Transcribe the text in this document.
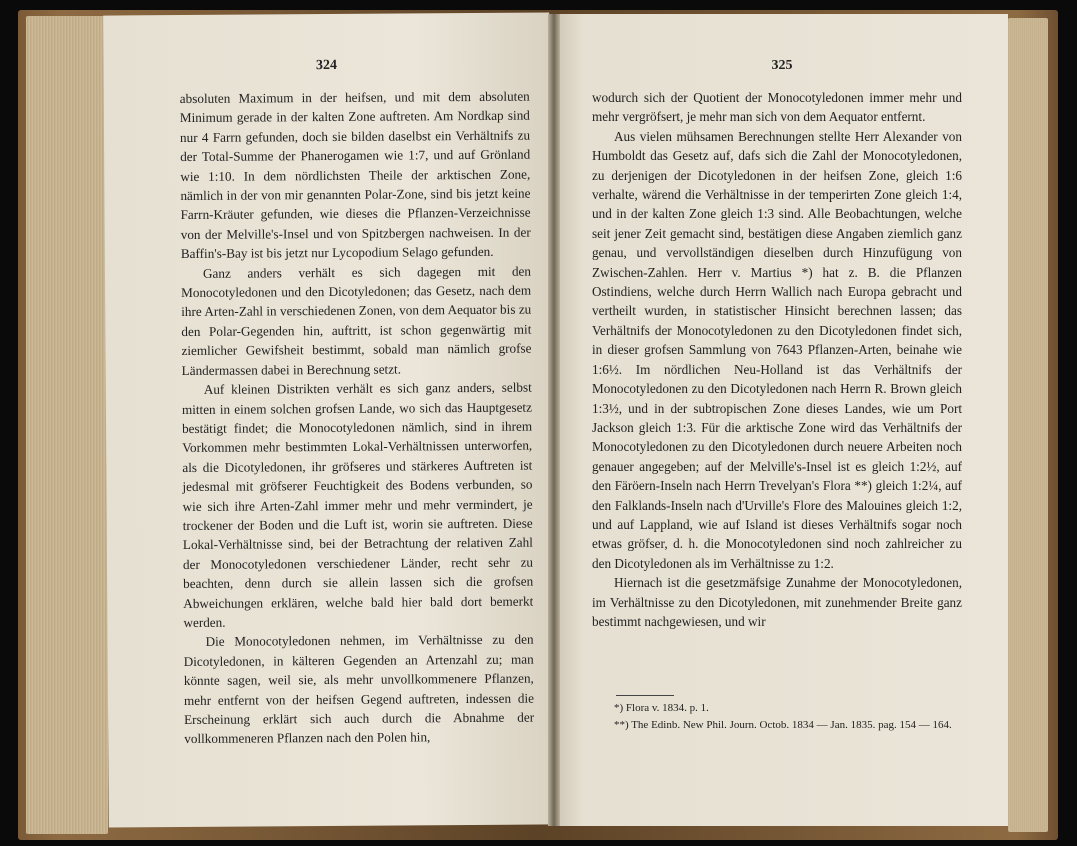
324

absoluten Maximum in der heifsen, und mit dem absoluten Minimum gerade in der kalten Zone auftreten. Am Nordkap sind nur 4 Farrn gefunden, doch sie bilden daselbst ein Verhältnifs zu der Total-Summe der Phanerogamen wie 1:7, und auf Grönland wie 1:10. In dem nördlichsten Theile der arktischen Zone, nämlich in der von mir genannten Polar-Zone, sind bis jetzt keine Farrn-Kräuter gefunden, wie dieses die Pflanzen-Verzeichnisse von der Melville's-Insel und von Spitzbergen nachweisen. In der Baffin's-Bay ist bis jetzt nur Lycopodium Selago gefunden.

Ganz anders verhält es sich dagegen mit den Monocotyledonen und den Dicotyledonen; das Gesetz, nach dem ihre Arten-Zahl in verschiedenen Zonen, von dem Aequator bis zu den Polar-Gegenden hin, auftritt, ist schon gegenwärtig mit ziemlicher Gewifsheit bestimmt, sobald man nämlich grofse Ländermassen dabei in Berechnung setzt.

Auf kleinen Distrikten verhält es sich ganz anders, selbst mitten in einem solchen grofsen Lande, wo sich das Hauptgesetz bestätigt findet; die Monocotyledonen nämlich, sind in ihrem Vorkommen mehr bestimmten Lokal-Verhältnissen unterworfen, als die Dicotyledonen, ihr gröfseres und stärkeres Auftreten ist jedesmal mit gröfserer Feuchtigkeit des Bodens verbunden, so wie sich ihre Arten-Zahl immer mehr und mehr vermindert, je trockener der Boden und die Luft ist, worin sie auftreten. Diese Lokal-Verhältnisse sind, bei der Betrachtung der relativen Zahl der Monocotyledonen verschiedener Länder, recht sehr zu beachten, denn durch sie allein lassen sich die grofsen Abweichungen erklären, welche bald hier bald dort bemerkt werden.

Die Monocotyledonen nehmen, im Verhältnisse zu den Dicotyledonen, in kälteren Gegenden an Artenzahl zu; man könnte sagen, weil sie, als mehr unvollkommenere Pflanzen, mehr entfernt von der heifsen Gegend auftreten, indessen die Erscheinung erklärt sich auch durch die Abnahme der vollkommeneren Pflanzen nach den Polen hin,

325

wodurch sich der Quotient der Monocotyledonen immer mehr und mehr vergröfsert, je mehr man sich von dem Aequator entfernt.

Aus vielen mühsamen Berechnungen stellte Herr Alexander von Humboldt das Gesetz auf, dafs sich die Zahl der Monocotyledonen, zu derjenigen der Dicotyledonen in der heifsen Zone, gleich 1:6 verhalte, wärend die Verhältnisse in der temperirten Zone gleich 1:4, und in der kalten Zone gleich 1:3 sind. Alle Beobachtungen, welche seit jener Zeit gemacht sind, bestätigen diese Angaben ziemlich ganz genau, und vervollständigen dieselben durch Hinzufügung von Zwischen-Zahlen. Herr v. Martius *) hat z. B. die Pflanzen Ostindiens, welche durch Herrn Wallich nach Europa gebracht und vertheilt wurden, in statistischer Hinsicht berechnen lassen; das Verhältnifs der Monocotyledonen zu den Dicotyledonen findet sich, in dieser grofsen Sammlung von 7643 Pflanzen-Arten, beinahe wie 1:6½. Im nördlichen Neu-Holland ist das Verhältnifs der Monocotyledonen zu den Dicotyledonen nach Herrn R. Brown gleich 1:3½, und in der subtropischen Zone dieses Landes, wie um Port Jackson gleich 1:3. Für die arktische Zone wird das Verhältnifs der Monocotyledonen zu den Dicotyledonen durch neuere Arbeiten noch genauer angegeben; auf der Melville's-Insel ist es gleich 1:2½, auf den Färöern-Inseln nach Herrn Trevelyan's Flora **) gleich 1:2¼, auf den Falklands-Inseln nach d'Urville's Flore des Malouines gleich 1:2, und auf Lappland, wie auf Island ist dieses Verhältnifs sogar noch etwas gröfser, d. h. die Monocotyledonen sind noch zahlreicher zu den Dicotyledonen als im Verhältnisse zu 1:2.

Hiernach ist die gesetzmäfsige Zunahme der Monocotyledonen, im Verhältnisse zu den Dicotyledonen, mit zunehmender Breite ganz bestimmt nachgewiesen, und wir

*) Flora v. 1834. p. 1.

**) The Edinb. New Phil. Journ. Octob. 1834 — Jan. 1835. pag. 154 — 164.
